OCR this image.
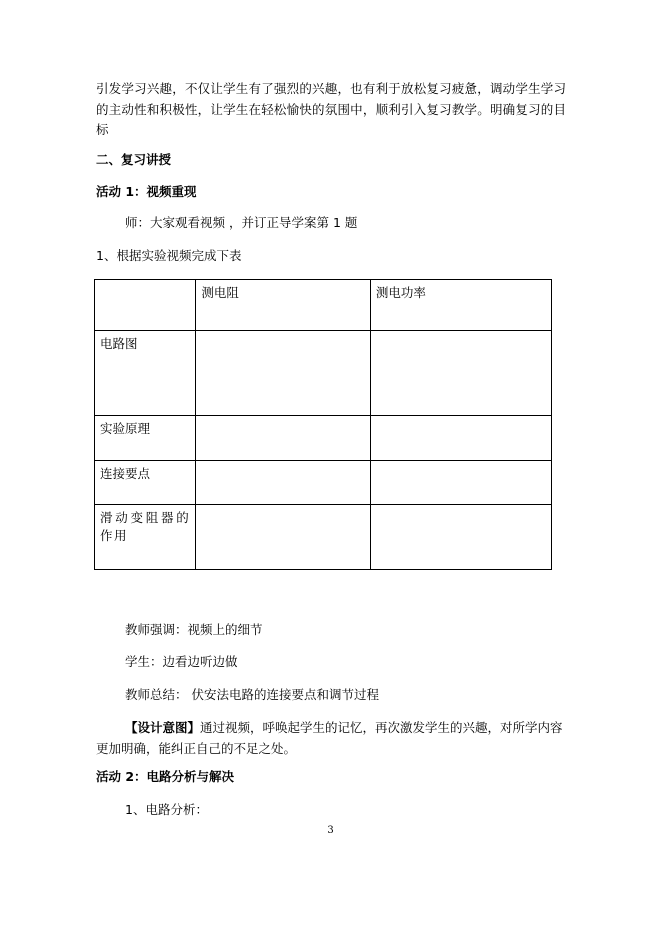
引发学习兴趣，不仅让学生有了强烈的兴趣，也有利于放松复习疲惫，调动学生学习的主动性和积极性，让学生在轻松愉快的氛围中，顺利引入复习教学。明确复习的目标
二、复习讲授
活动 1：视频重现
师：大家观看视频 ，并订正导学案第 1 题
1、根据实验视频完成下表
	测电阻	测电功率
电路图		
实验原理		
连接要点		
滑动变阻器的作用		
教师强调：视频上的细节
学生：边看边听边做
教师总结： 伏安法电路的连接要点和调节过程
【设计意图】通过视频，呼唤起学生的记忆，再次激发学生的兴趣，对所学内容更加明确，能纠正自己的不足之处。
活动 2：电路分析与解决
1、电路分析：
3
